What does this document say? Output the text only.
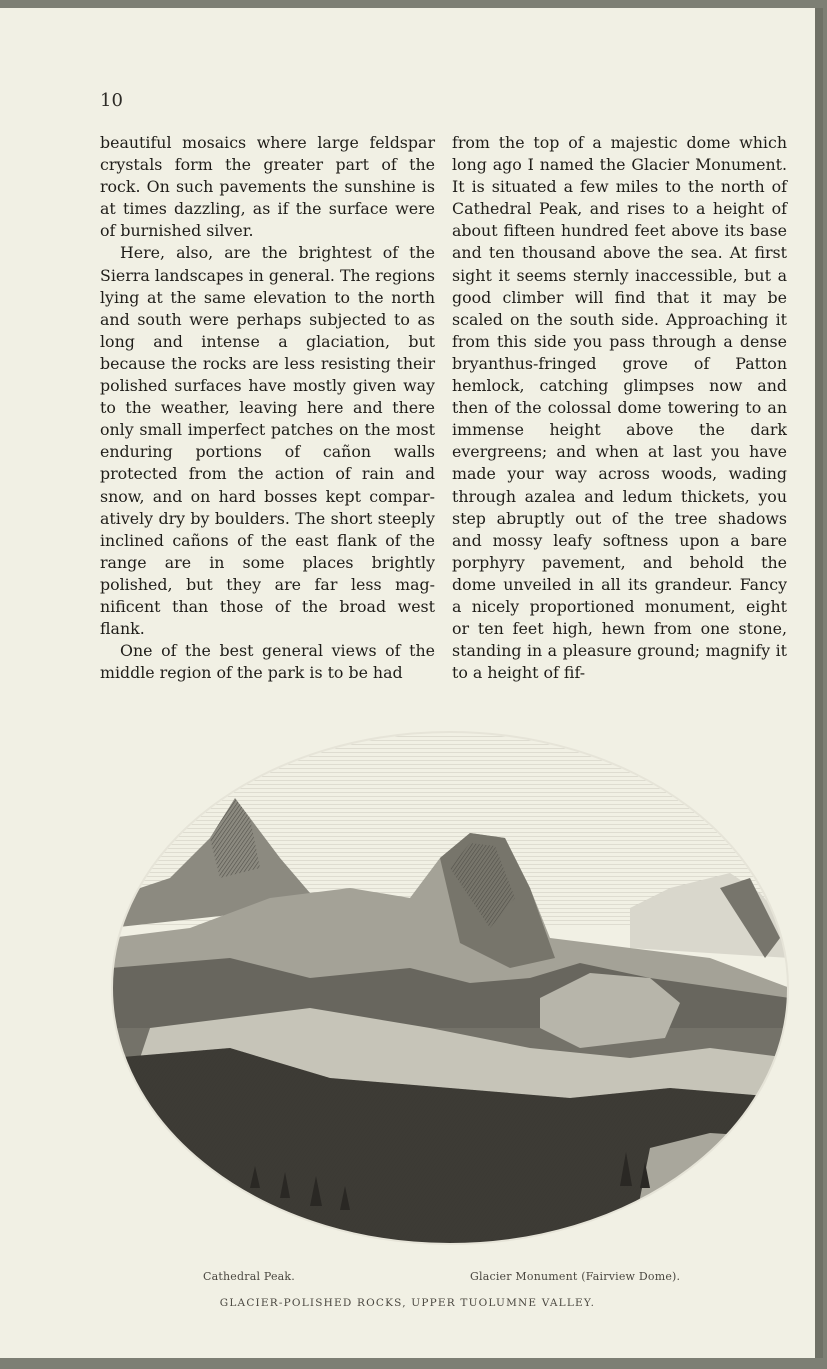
10

beautiful mosaics where large feldspar crystals form the greater part of the rock. On such pavements the sunshine is at times dazzling, as if the surface were of burnished silver.

Here, also, are the brightest of the Sierra landscapes in general. The regions lying at the same elevation to the north and south were perhaps subjected to as long and intense a glaciation, but because the rocks are less resisting their polished surfaces have mostly given way to the weather, leaving here and there only small imperfect patches on the most enduring portions of cañon walls protected from the action of rain and snow, and on hard bosses kept comparatively dry by boulders. The short steeply inclined cañons of the east flank of the range are in some places brightly polished, but they are far less magnificent than those of the broad west flank.

One of the best general views of the middle region of the park is to be had

from the top of a majestic dome which long ago I named the Glacier Monument. It is situated a few miles to the north of Cathedral Peak, and rises to a height of about fifteen hundred feet above its base and ten thousand above the sea. At first sight it seems sternly inaccessible, but a good climber will find that it may be scaled on the south side. Approaching it from this side you pass through a dense bryanthus-fringed grove of Patton hemlock, catching glimpses now and then of the colossal dome towering to an immense height above the dark evergreens; and when at last you have made your way across woods, wading through azalea and ledum thickets, you step abruptly out of the tree shadows and mossy leafy softness upon a bare porphyry pavement, and behold the dome unveiled in all its grandeur. Fancy a nicely proportioned monument, eight or ten feet high, hewn from one stone, standing in a pleasure ground; magnify it to a height of fif-

Cathedral Peak.	Glacier Monument (Fairview Dome).
GLACIER-POLISHED ROCKS, UPPER TUOLUMNE VALLEY.
